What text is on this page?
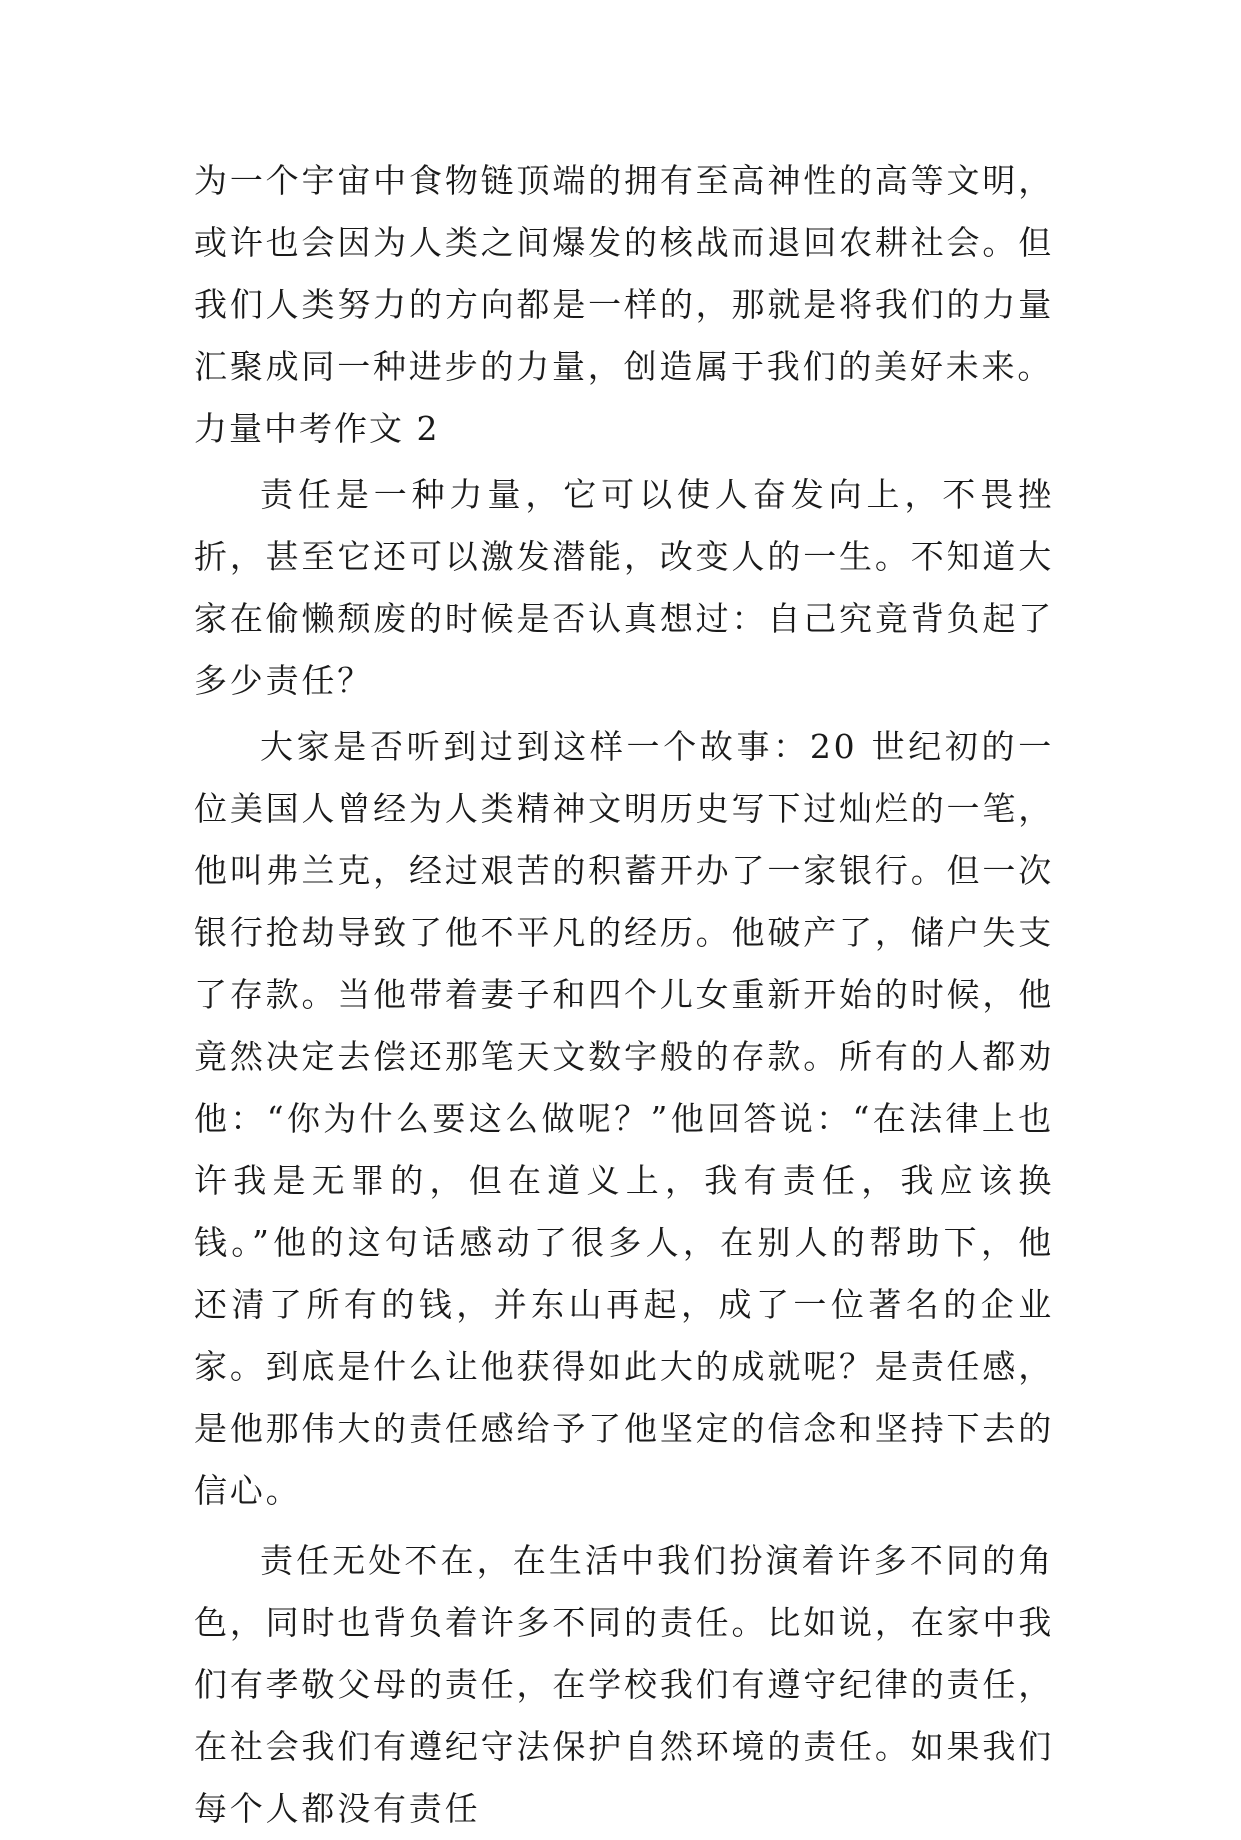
为一个宇宙中食物链顶端的拥有至高神性的高等文明，或许也会因为人类之间爆发的核战而退回农耕社会。但我们人类努力的方向都是一样的，那就是将我们的力量汇聚成同一种进步的力量，创造属于我们的美好未来。

力量中考作文 2

责任是一种力量，它可以使人奋发向上，不畏挫折，甚至它还可以激发潜能，改变人的一生。不知道大家在偷懒颓废的时候是否认真想过：自己究竟背负起了多少责任？

大家是否听到过到这样一个故事：20 世纪初的一位美国人曾经为人类精神文明历史写下过灿烂的一笔，他叫弗兰克，经过艰苦的积蓄开办了一家银行。但一次银行抢劫导致了他不平凡的经历。他破产了，储户失支了存款。当他带着妻子和四个儿女重新开始的时候，他竟然决定去偿还那笔天文数字般的存款。所有的人都劝他：“你为什么要这么做呢？”他回答说：“在法律上也许我是无罪的，但在道义上，我有责任，我应该换钱。”他的这句话感动了很多人，在别人的帮助下，他还清了所有的钱，并东山再起，成了一位著名的企业家。到底是什么让他获得如此大的成就呢？是责任感，是他那伟大的责任感给予了他坚定的信念和坚持下去的信心。

责任无处不在，在生活中我们扮演着许多不同的角色，同时也背负着许多不同的责任。比如说，在家中我们有孝敬父母的责任，在学校我们有遵守纪律的责任，在社会我们有遵纪守法保护自然环境的责任。如果我们每个人都没有责任
